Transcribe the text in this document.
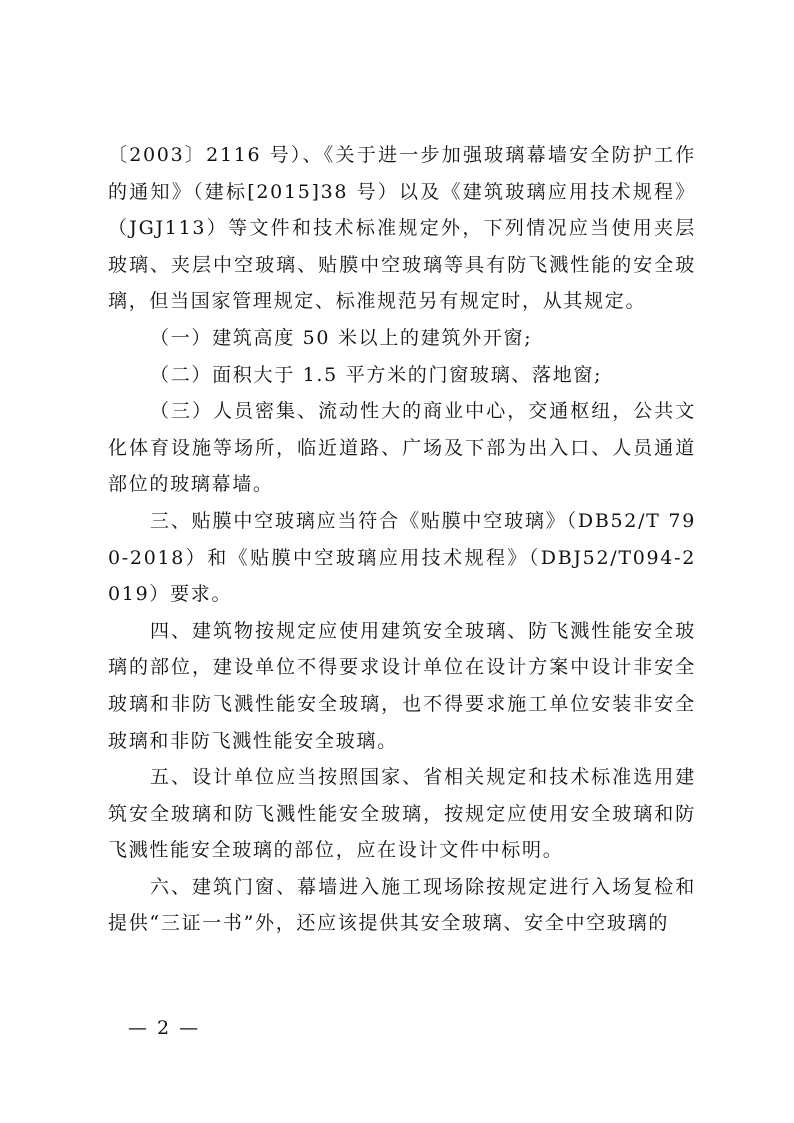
〔2003〕2116 号）、《关于进一步加强玻璃幕墙安全防护工作的通知》（建标[2015]38 号）以及《建筑玻璃应用技术规程》（JGJ113）等文件和技术标准规定外，下列情况应当使用夹层玻璃、夹层中空玻璃、贴膜中空玻璃等具有防飞溅性能的安全玻璃，但当国家管理规定、标准规范另有规定时，从其规定。

（一）建筑高度 50 米以上的建筑外开窗;

（二）面积大于 1.5 平方米的门窗玻璃、落地窗;

（三）人员密集、流动性大的商业中心，交通枢纽，公共文化体育设施等场所，临近道路、广场及下部为出入口、人员通道部位的玻璃幕墙。

三、贴膜中空玻璃应当符合《贴膜中空玻璃》（DB52/T 790-2018）和《贴膜中空玻璃应用技术规程》（DBJ52/T094-2019）要求。

四、建筑物按规定应使用建筑安全玻璃、防飞溅性能安全玻璃的部位，建设单位不得要求设计单位在设计方案中设计非安全玻璃和非防飞溅性能安全玻璃，也不得要求施工单位安装非安全玻璃和非防飞溅性能安全玻璃。

五、设计单位应当按照国家、省相关规定和技术标准选用建筑安全玻璃和防飞溅性能安全玻璃，按规定应使用安全玻璃和防飞溅性能安全玻璃的部位，应在设计文件中标明。

六、建筑门窗、幕墙进入施工现场除按规定进行入场复检和提供“三证一书”外，还应该提供其安全玻璃、安全中空玻璃的

— 2 —
